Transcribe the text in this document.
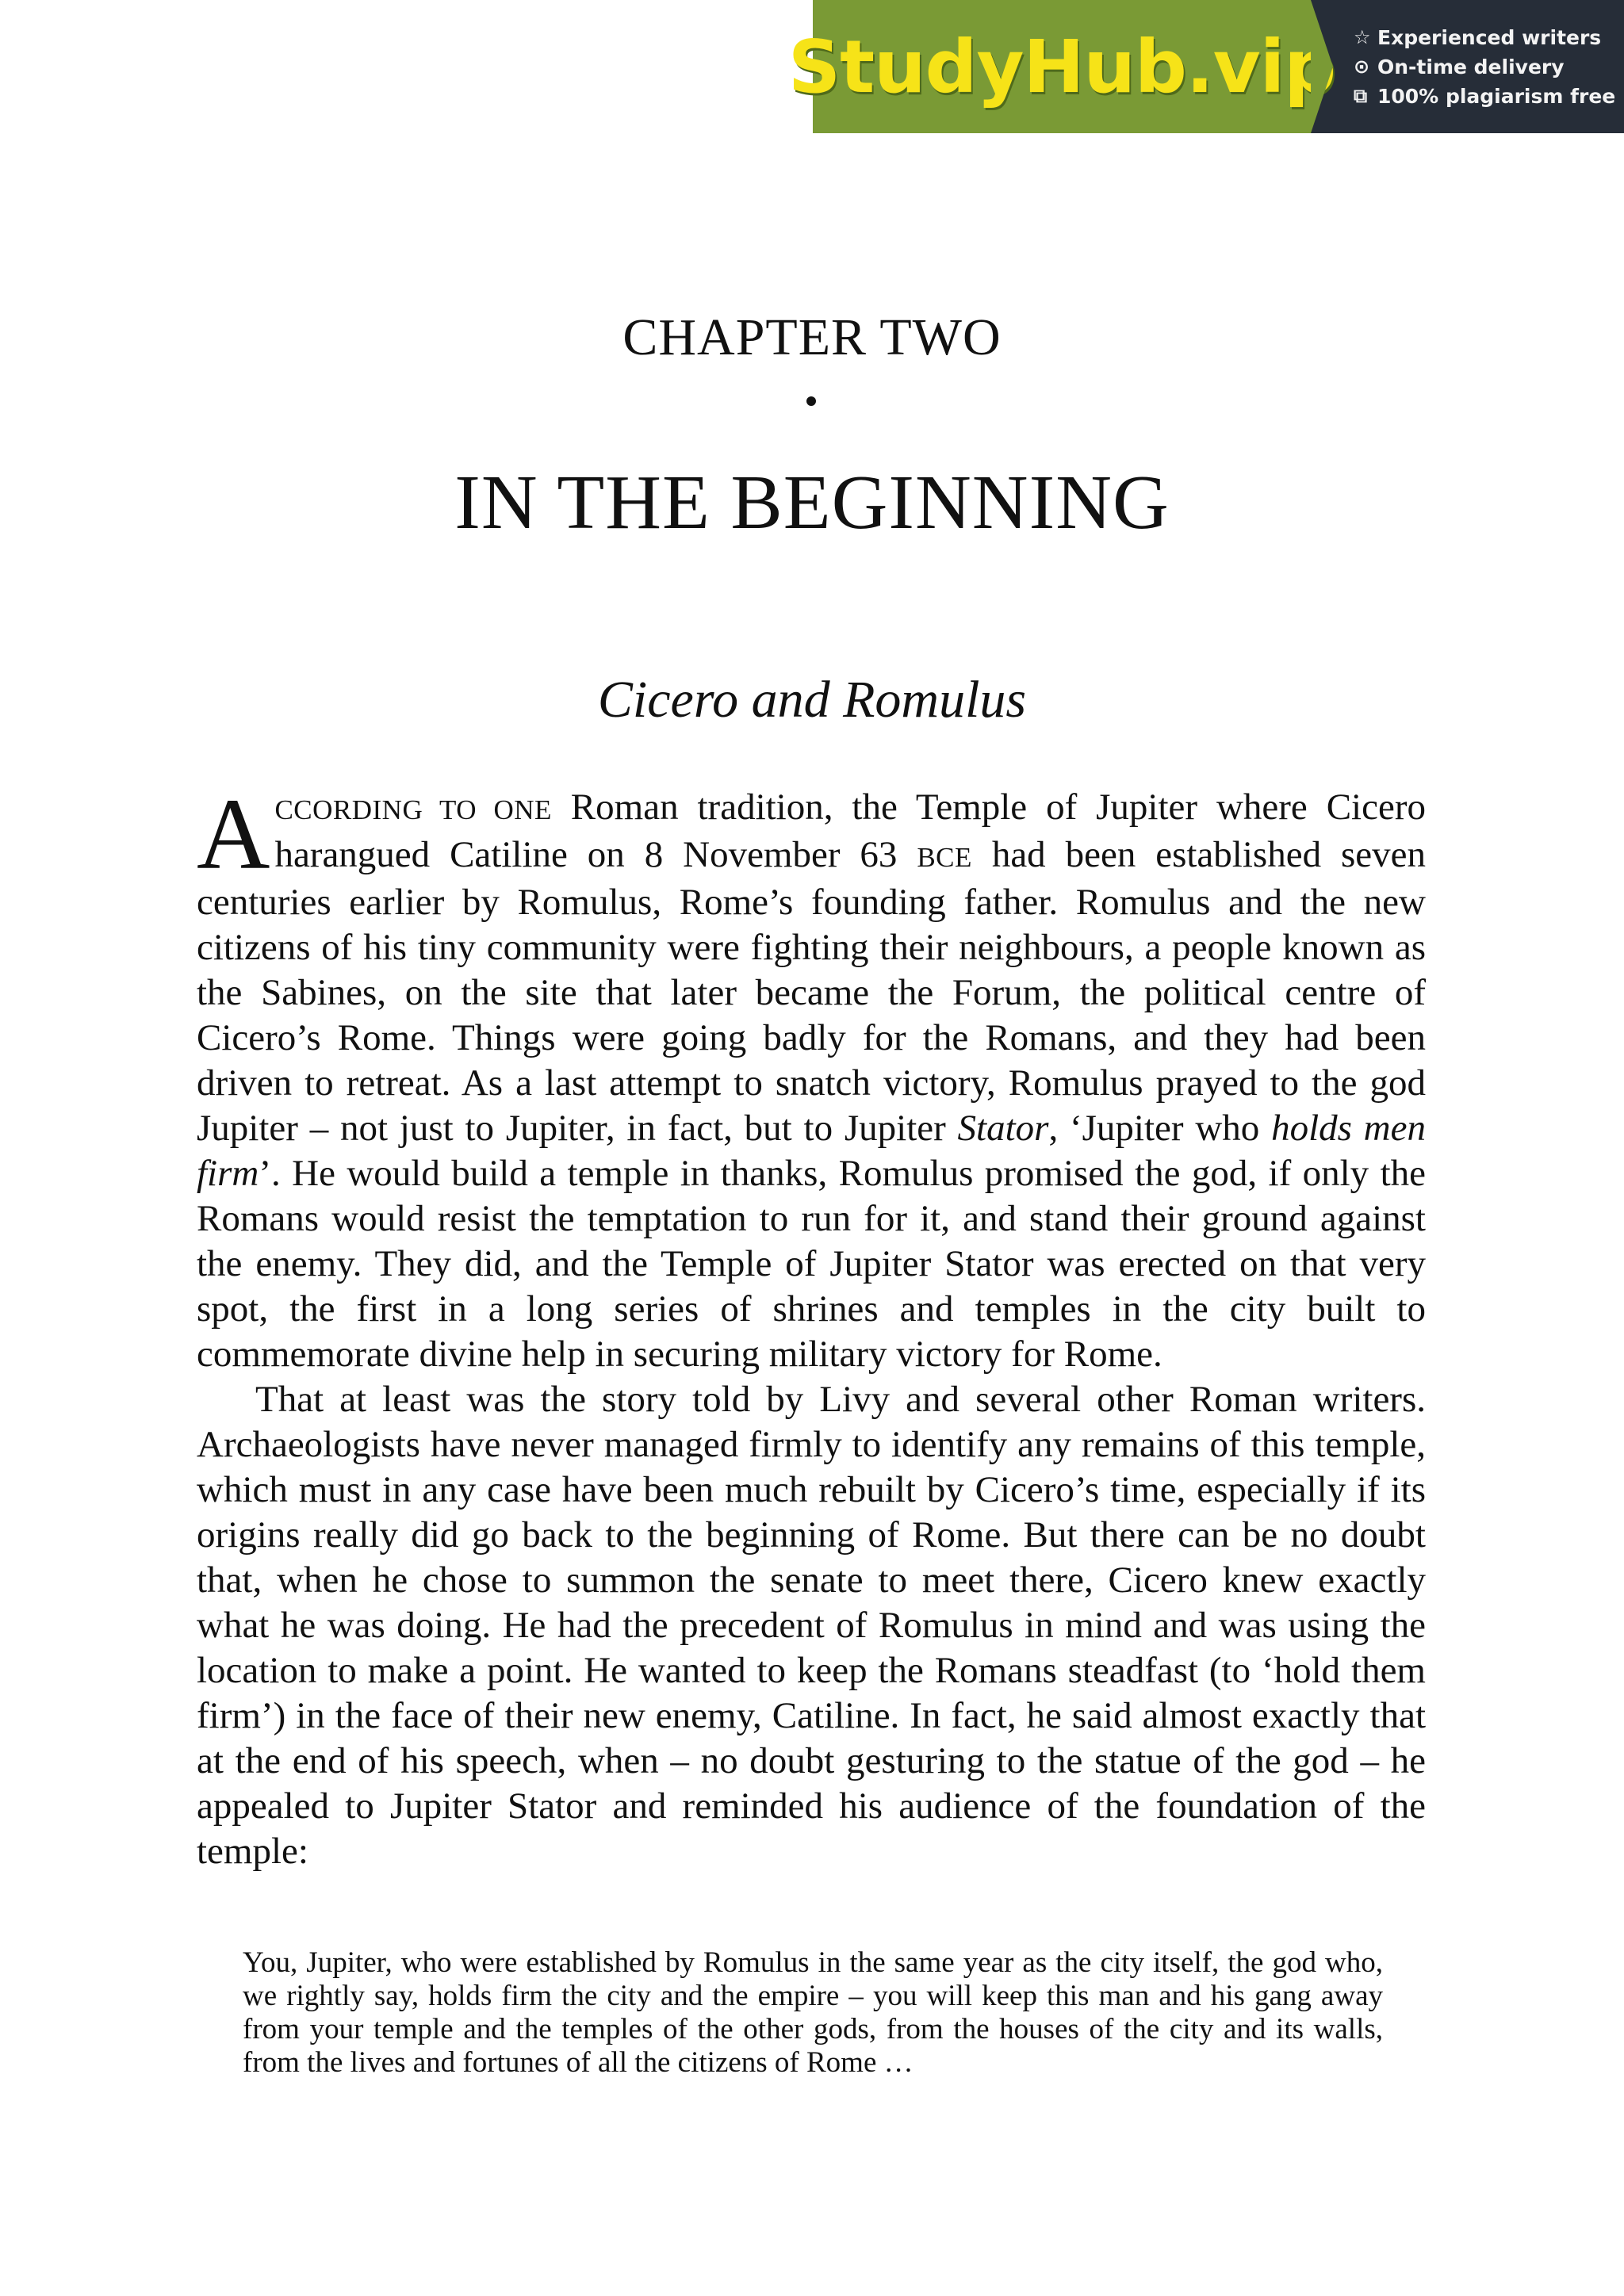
StudyHub.vip ☆ Experienced writers
⊙ On-time delivery
⧉ 100% plagiarism free
CHAPTER TWO
IN THE BEGINNING
Cicero and Romulus

ACCORDING TO ONE Roman tradition, the Temple of Jupiter where Cicero harangued Catiline on 8 November 63 BCE had been established seven centuries earlier by Romulus, Rome’s founding father. Romulus and the new citizens of his tiny community were fighting their neighbours, a people known as the Sabines, on the site that later became the Forum, the political centre of Cicero’s Rome. Things were going badly for the Romans, and they had been driven to retreat. As a last attempt to snatch victory, Romulus prayed to the god Jupiter – not just to Jupiter, in fact, but to Jupiter Stator, ‘Jupiter who holds men firm’. He would build a temple in thanks, Romulus promised the god, if only the Romans would resist the temptation to run for it, and stand their ground against the enemy. They did, and the Temple of Jupiter Stator was erected on that very spot, the first in a long series of shrines and temples in the city built to commemorate divine help in securing military victory for Rome.

That at least was the story told by Livy and several other Roman writers. Archaeologists have never managed firmly to identify any remains of this temple, which must in any case have been much rebuilt by Cicero’s time, especially if its origins really did go back to the beginning of Rome. But there can be no doubt that, when he chose to summon the senate to meet there, Cicero knew exactly what he was doing. He had the precedent of Romulus in mind and was using the location to make a point. He wanted to keep the Romans steadfast (to ‘hold them firm’) in the face of their new enemy, Catiline. In fact, he said almost exactly that at the end of his speech, when – no doubt gesturing to the statue of the god – he appealed to Jupiter Stator and reminded his audience of the foundation of the temple:

You, Jupiter, who were established by Romulus in the same year as the city itself, the god who, we rightly say, holds firm the city and the empire – you will keep this man and his gang away from your temple and the temples of the other gods, from the houses of the city and its walls, from the lives and fortunes of all the citizens of Rome …
